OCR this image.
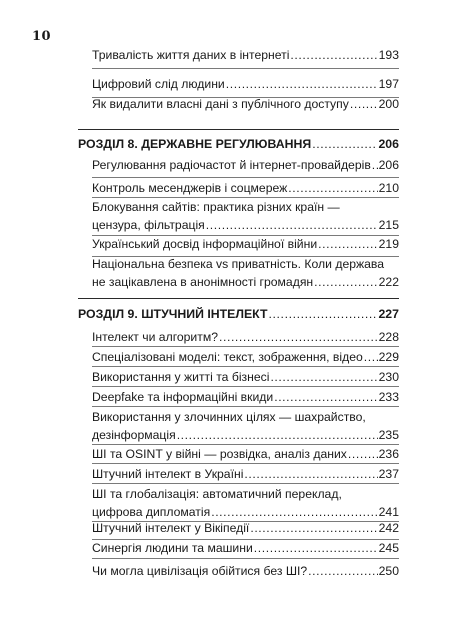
10
Тривалість життя даних в інтернеті .....	193
Цифровий слід людини .....	197
Як видалити власні дані з публічного доступу ..... 200
РОЗДІЛ 8. ДЕРЖАВНЕ РЕГУЛЮВАННЯ .....	206
Регулювання радіочастот й інтернет-провайдерів ..... 206
Контроль месенджерів і соцмереж .....	210
Блокування сайтів: практика різних країн —
цензура, фільтрація .....	215
Український досвід інформаційної війни .....	219
Національна безпека vs приватність. Коли держава
не зацікавлена в анонімності громадян .....	222
РОЗДІЛ 9. ШТУЧНИЙ ІНТЕЛЕКТ .....	227
Інтелект чи алгоритм? .....	228
Спеціалізовані моделі: текст, зображення, відео ..... 229
Використання у житті та бізнесі .....	230
Deepfake та інформаційні вкиди .....	233
Використання у злочинних цілях — шахрайство,
дезінформація .....	235
ШІ та OSINT у війні — розвідка, аналіз даних .....	236
Штучний інтелект в Україні .....	237
ШІ та глобалізація: автоматичний переклад,
цифрова дипломатія .....	241
Штучний інтелект у Вікіпедії .....	242
Синергія людини та машини .....	245
Чи могла цивілізація обійтися без ШІ? .....	250
